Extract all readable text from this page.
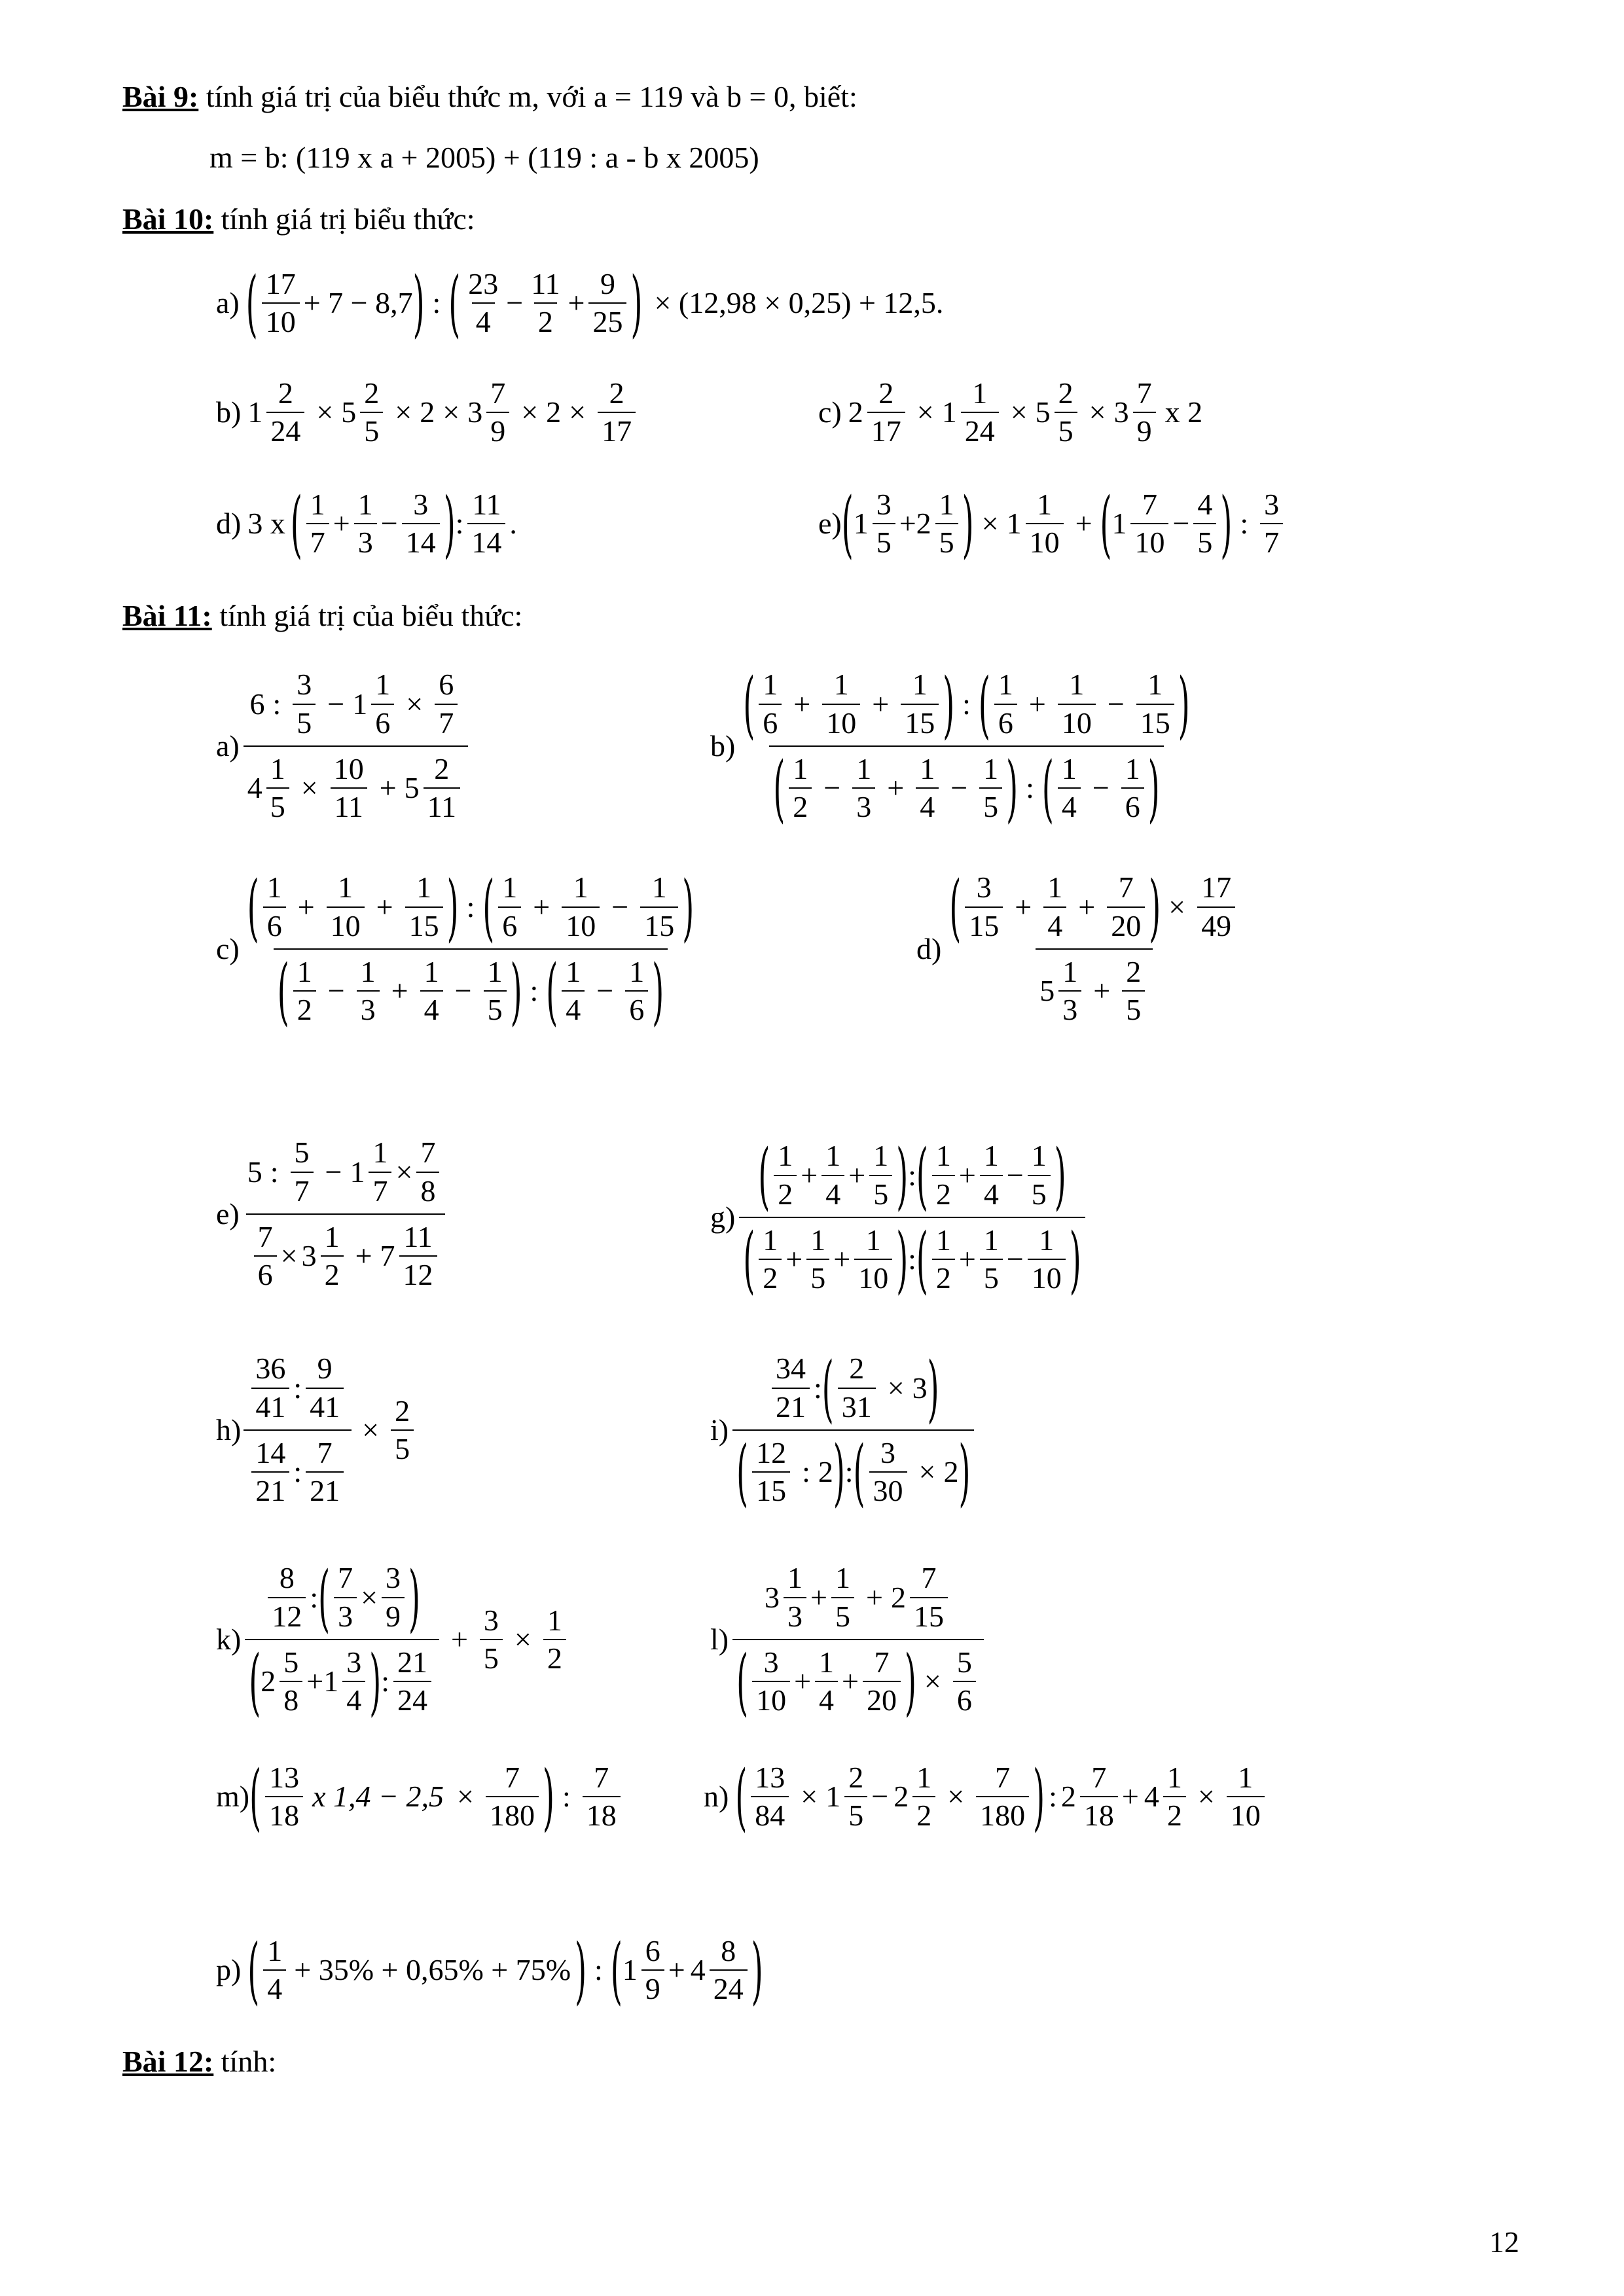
Bài 9: tính giá trị của biểu thức m, với a = 119 và b = 0, biết:
m = b: (119 x a + 2005) + (119 : a - b x 2005)
Bài 10: tính giá trị biểu thức:
a) ( $\frac{17}{10} + 7 - 8,7$ ) : ( $\frac{23}{4} - \frac{11}{2} + \frac{9}{25}$ ) × (12,98 × 0,25) + 12,5.
b) $1 \frac{2}{24} \times 5 \frac{2}{5} \times 2 \times 3 \frac{7}{9} \times 2 \times \frac{2}{17}$	c) $2 \frac{2}{17} \times 1 \frac{1}{24} \times 5 \frac{2}{5} \times 3 \frac{7}{9}$ x 2
d) 3 x ( $\frac{1}{7} + \frac{1}{3} - \frac{3}{14}$ ) : $\frac{11}{14}$ .	e) ( $1 \frac{3}{5} + 2 \frac{1}{5}$ ) × $1 \frac{1}{10}$ + ( $1 \frac{7}{10} - \frac{4}{5}$ ) : $\frac{3}{7}$
Bài 11: tính giá trị của biểu thức:
$a) \frac{6 : \frac{3}{5} - 1 \frac{1}{6} \times \frac{6}{7}}{4 \frac{1}{5} \times \frac{10}{11} + 5 \frac{2}{11}}$	b) ( $\frac{1}{6} + \frac{1}{10} + \frac{1}{15}$ ) : ( $\frac{1}{6} + \frac{1}{10} - \frac{1}{15}$ )
( $\frac{1}{2} - \frac{1}{3} + \frac{1}{4} - \frac{1}{5}$ ) : ( $\frac{1}{4} - \frac{1}{6}$ )
c) ( $\frac{1}{6} + \frac{1}{10} + \frac{1}{15}$ ) : ( $\frac{1}{6} + \frac{1}{10} - \frac{1}{15}$ )
( $\frac{1}{2} - \frac{1}{3} + \frac{1}{4} - \frac{1}{5}$ ) : ( $\frac{1}{4} - \frac{1}{6}$ )	d) ( $\frac{3}{15} + \frac{1}{4} + \frac{7}{20}$ ) × $\frac{17}{49}$
$5 \frac{1}{3} + \frac{2}{5}$
$e) \frac{5 : \frac{5}{7} - 1 \frac{1}{7} \times \frac{7}{8}}{\frac{7}{6} \times 3 \frac{1}{2} + 7 \frac{11}{12}}$	g) ( $\frac{1}{2} + \frac{1}{4} + \frac{1}{5}$ ) : ( $\frac{1}{2} + \frac{1}{4} - \frac{1}{5}$ )
( $\frac{1}{2} + \frac{1}{5} + \frac{1}{10}$ ) : ( $\frac{1}{2} + \frac{1}{5} - \frac{1}{10}$ )
$h) \frac{\frac{36}{41} : \frac{9}{41}}{\frac{14}{21} : \frac{7}{21}} \times \frac{2}{5}$	i)
$\frac{34}{21}$ : ( $\frac{2}{31} \times 3$ )
( $\frac{12}{15}$ : 2 ) : ( $\frac{3}{30} \times 2$ )
k)
$\frac{8}{12}$ : ( $\frac{7}{3} \times \frac{3}{9}$ )
( $2 \frac{5}{8} + 1 \frac{3}{4}$ ) : $\frac{21}{24}$
+ $\frac{3}{5} \times \frac{1}{2}$	l)
$3 \frac{1}{3} + \frac{1}{5} + 2 \frac{7}{15}$
( $\frac{3}{10} + \frac{1}{4} + \frac{7}{20}$ ) × $\frac{5}{6}$
m) ( $\frac{13}{18}$ x $1,4 - 2,5 \times \frac{7}{180}$ ) : $\frac{7}{18}$	n) ( $\frac{13}{84} \times 1 \frac{2}{5} - 2 \frac{1}{2} \times \frac{7}{180}$ ) : $2 \frac{7}{18} + 4 \frac{1}{2} \times \frac{1}{10}$
p) ( $\frac{1}{4} + 35\% + 0,65\% + 75\%$ ) : ( $1 \frac{6}{9} + 4 \frac{8}{24}$ )
Bài 12: tính:
12
